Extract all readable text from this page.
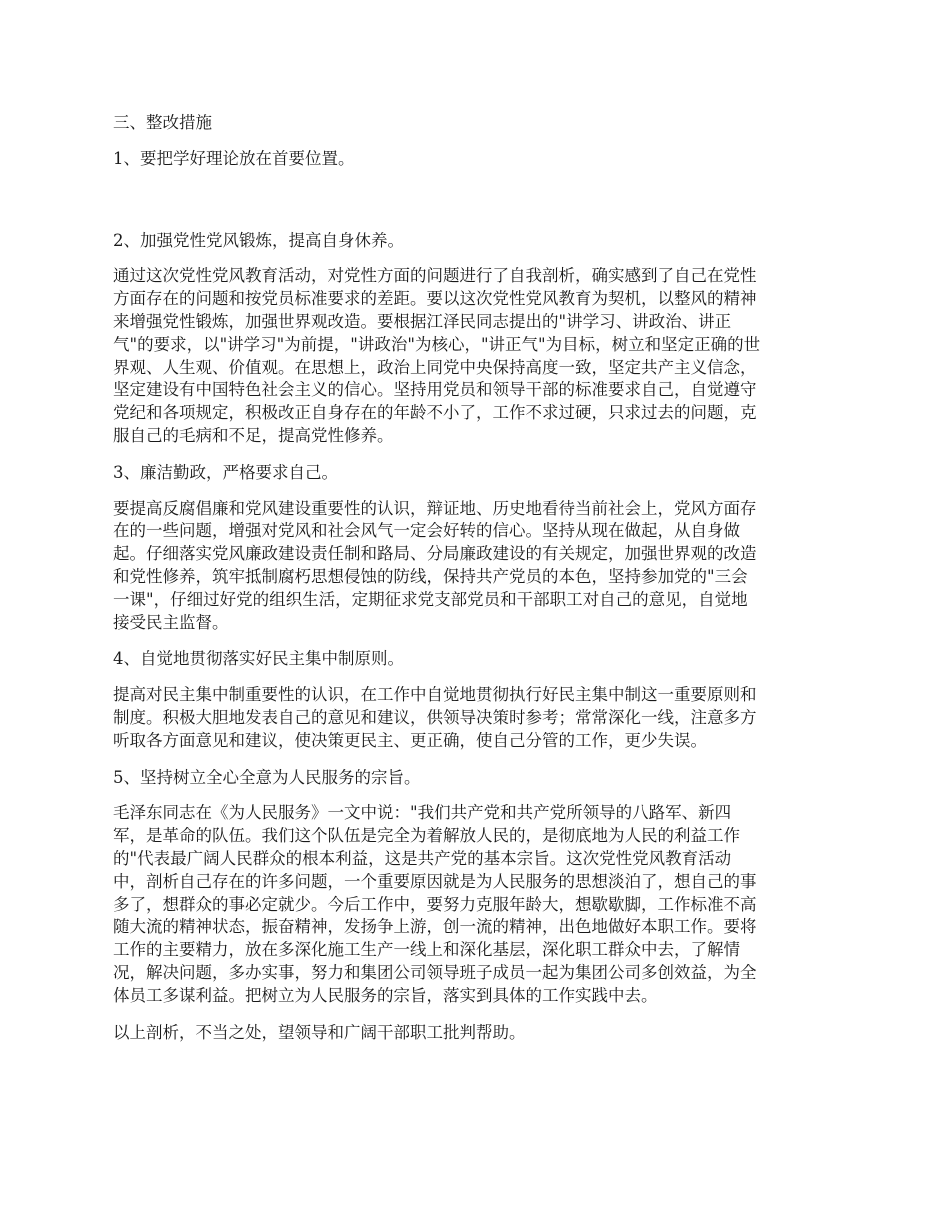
三、整改措施

1、要把学好理论放在首要位置。

2、加强党性党风锻炼，提高自身休养。

通过这次党性党风教育活动，对党性方面的问题进行了自我剖析，确实感到了自己在党性

方面存在的问题和按党员标准要求的差距。要以这次党性党风教育为契机，以整风的精神

来增强党性锻炼，加强世界观改造。要根据江泽民同志提出的"讲学习、讲政治、讲正

气"的要求，以"讲学习"为前提，"讲政治"为核心，"讲正气"为目标，树立和坚定正确的世

界观、人生观、价值观。在思想上，政治上同党中央保持高度一致，坚定共产主义信念，

坚定建设有中国特色社会主义的信心。坚持用党员和领导干部的标准要求自己，自觉遵守

党纪和各项规定，积极改正自身存在的年龄不小了，工作不求过硬，只求过去的问题，克

服自己的毛病和不足，提高党性修养。

3、廉洁勤政，严格要求自己。

要提高反腐倡廉和党风建设重要性的认识，辩证地、历史地看待当前社会上，党风方面存

在的一些问题，增强对党风和社会风气一定会好转的信心。坚持从现在做起，从自身做

起。仔细落实党风廉政建设责任制和路局、分局廉政建设的有关规定，加强世界观的改造

和党性修养，筑牢抵制腐朽思想侵蚀的防线，保持共产党员的本色，坚持参加党的"三会

一课"，仔细过好党的组织生活，定期征求党支部党员和干部职工对自己的意见，自觉地

接受民主监督。

4、自觉地贯彻落实好民主集中制原则。

提高对民主集中制重要性的认识，在工作中自觉地贯彻执行好民主集中制这一重要原则和

制度。积极大胆地发表自己的意见和建议，供领导决策时参考；常常深化一线，注意多方

听取各方面意见和建议，使决策更民主、更正确，使自己分管的工作，更少失误。

5、坚持树立全心全意为人民服务的宗旨。

毛泽东同志在《为人民服务》一文中说："我们共产党和共产党所领导的八路军、新四

军，是革命的队伍。我们这个队伍是完全为着解放人民的，是彻底地为人民的利益工作

的"代表最广阔人民群众的根本利益，这是共产党的基本宗旨。这次党性党风教育活动

中，剖析自己存在的许多问题，一个重要原因就是为人民服务的思想淡泊了，想自己的事

多了，想群众的事必定就少。今后工作中，要努力克服年龄大，想歇歇脚，工作标准不高

随大流的精神状态，振奋精神，发扬争上游，创一流的精神，出色地做好本职工作。要将

工作的主要精力，放在多深化施工生产一线上和深化基层，深化职工群众中去，了解情

况，解决问题，多办实事，努力和集团公司领导班子成员一起为集团公司多创效益，为全

体员工多谋利益。把树立为人民服务的宗旨，落实到具体的工作实践中去。

以上剖析，不当之处，望领导和广阔干部职工批判帮助。
